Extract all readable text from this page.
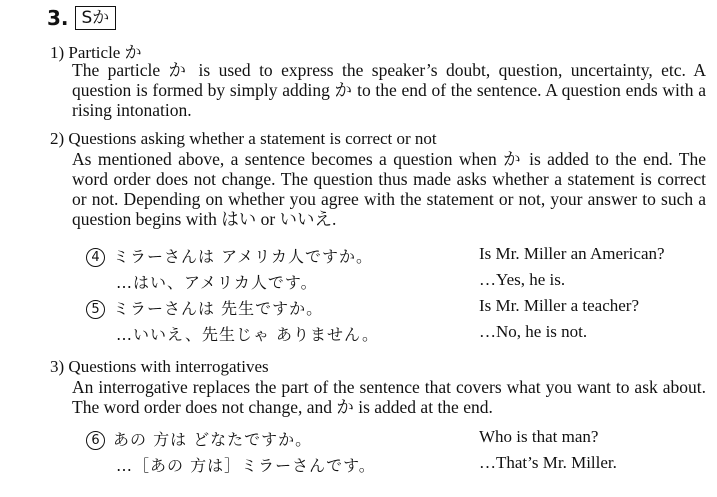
3. Sか
1) Particle か
The particle か is used to express the speaker’s doubt, question, uncertainty, etc. A question is formed by simply adding か to the end of the sentence. A question ends with a rising intonation.
2) Questions asking whether a statement is correct or not
As mentioned above, a sentence becomes a question when か is added to the end. The word order does not change. The question thus made asks whether a statement is correct or not. Depending on whether you agree with the statement or not, your answer to such a question begins with はい or いいえ.
4 ミラーさんは アメリカ人ですか。	Is Mr. Miller an American?
…はい、アメリカ人です。	…Yes, he is.
5 ミラーさんは 先生ですか。	Is Mr. Miller a teacher?
…いいえ、先生じゃ ありません。	…No, he is not.
3) Questions with interrogatives
An interrogative replaces the part of the sentence that covers what you want to ask about. The word order does not change, and か is added at the end.
6 あの 方は どなたですか。	Who is that man?
…［あの 方は］ミラーさんです。	…That’s Mr. Miller.
